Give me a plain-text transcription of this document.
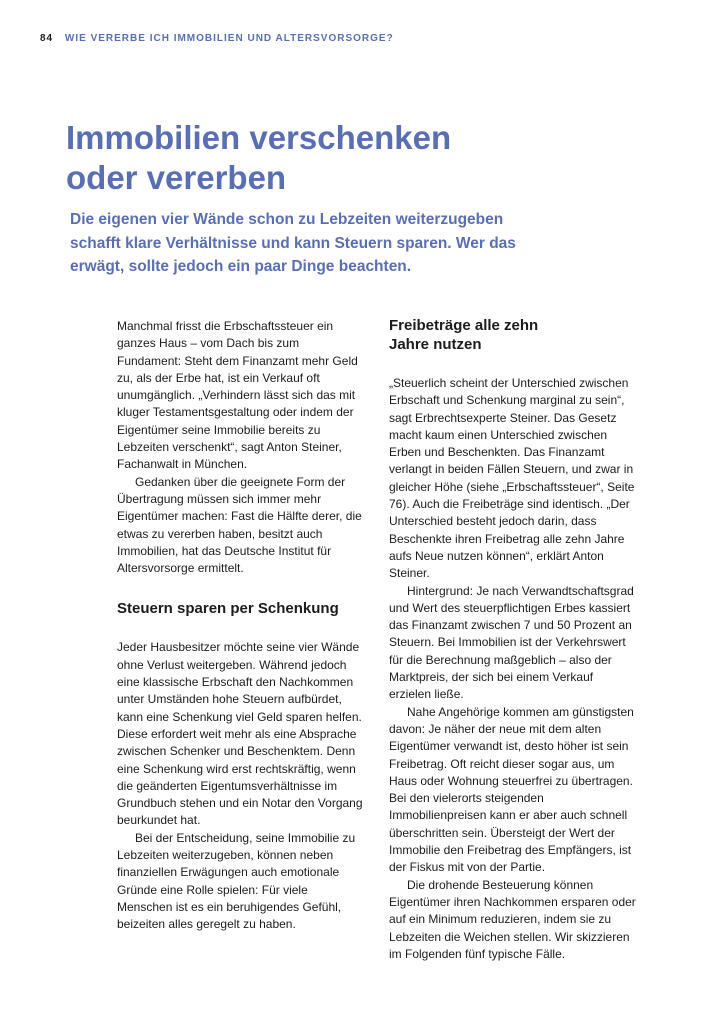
84 WIE VERERBE ICH IMMOBILIEN UND ALTERSVORSORGE?
Immobilien verschenken
oder vererben

Die eigenen vier Wände schon zu Lebzeiten weiterzugeben schafft klare Verhältnisse und kann Steuern sparen. Wer das erwägt, sollte jedoch ein paar Dinge beachten.

Manchmal frisst die Erbschaftssteuer ein ganzes Haus – vom Dach bis zum Fundament: Steht dem Finanzamt mehr Geld zu, als der Erbe hat, ist ein Verkauf oft unumgänglich. „Verhindern lässt sich das mit kluger Testamentsgestaltung oder indem der Eigentümer seine Immobilie bereits zu Lebzeiten verschenkt“, sagt Anton Steiner, Fachanwalt in München.

Gedanken über die geeignete Form der Übertragung müssen sich immer mehr Eigentümer machen: Fast die Hälfte derer, die etwas zu vererben haben, besitzt auch Immobilien, hat das Deutsche Institut für Altersvorsorge ermittelt.

Steuern sparen per Schenkung

Jeder Hausbesitzer möchte seine vier Wände ohne Verlust weitergeben. Während jedoch eine klassische Erbschaft den Nachkommen unter Umständen hohe Steuern aufbürdet, kann eine Schenkung viel Geld sparen helfen. Diese erfordert weit mehr als eine Absprache zwischen Schenker und Beschenktem. Denn eine Schenkung wird erst rechtskräftig, wenn die geänderten Eigentumsverhältnisse im Grundbuch stehen und ein Notar den Vorgang beurkundet hat.

Bei der Entscheidung, seine Immobilie zu Lebzeiten weiterzugeben, können neben finanziellen Erwägungen auch emotionale Gründe eine Rolle spielen: Für viele Menschen ist es ein beruhigendes Gefühl, beizeiten alles geregelt zu haben.

Freibeträge alle zehn
Jahre nutzen

„Steuerlich scheint der Unterschied zwischen Erbschaft und Schenkung marginal zu sein“, sagt Erbrechtsexperte Steiner. Das Gesetz macht kaum einen Unterschied zwischen Erben und Beschenkten. Das Finanzamt verlangt in beiden Fällen Steuern, und zwar in gleicher Höhe (siehe „Erbschaftssteuer“, Seite 76). Auch die Freibeträge sind identisch. „Der Unterschied besteht jedoch darin, dass Beschenkte ihren Freibetrag alle zehn Jahre aufs Neue nutzen können“, erklärt Anton Steiner.

Hintergrund: Je nach Verwandtschaftsgrad und Wert des steuerpflichtigen Erbes kassiert das Finanzamt zwischen 7 und 50 Prozent an Steuern. Bei Immobilien ist der Verkehrswert für die Berechnung maßgeblich – also der Marktpreis, der sich bei einem Verkauf erzielen ließe.

Nahe Angehörige kommen am günstigsten davon: Je näher der neue mit dem alten Eigentümer verwandt ist, desto höher ist sein Freibetrag. Oft reicht dieser sogar aus, um Haus oder Wohnung steuerfrei zu übertragen. Bei den vielerorts steigenden Immobilienpreisen kann er aber auch schnell überschritten sein. Übersteigt der Wert der Immobilie den Freibetrag des Empfängers, ist der Fiskus mit von der Partie.

Die drohende Besteuerung können Eigentümer ihren Nachkommen ersparen oder auf ein Minimum reduzieren, indem sie zu Lebzeiten die Weichen stellen. Wir skizzieren im Folgenden fünf typische Fälle.
